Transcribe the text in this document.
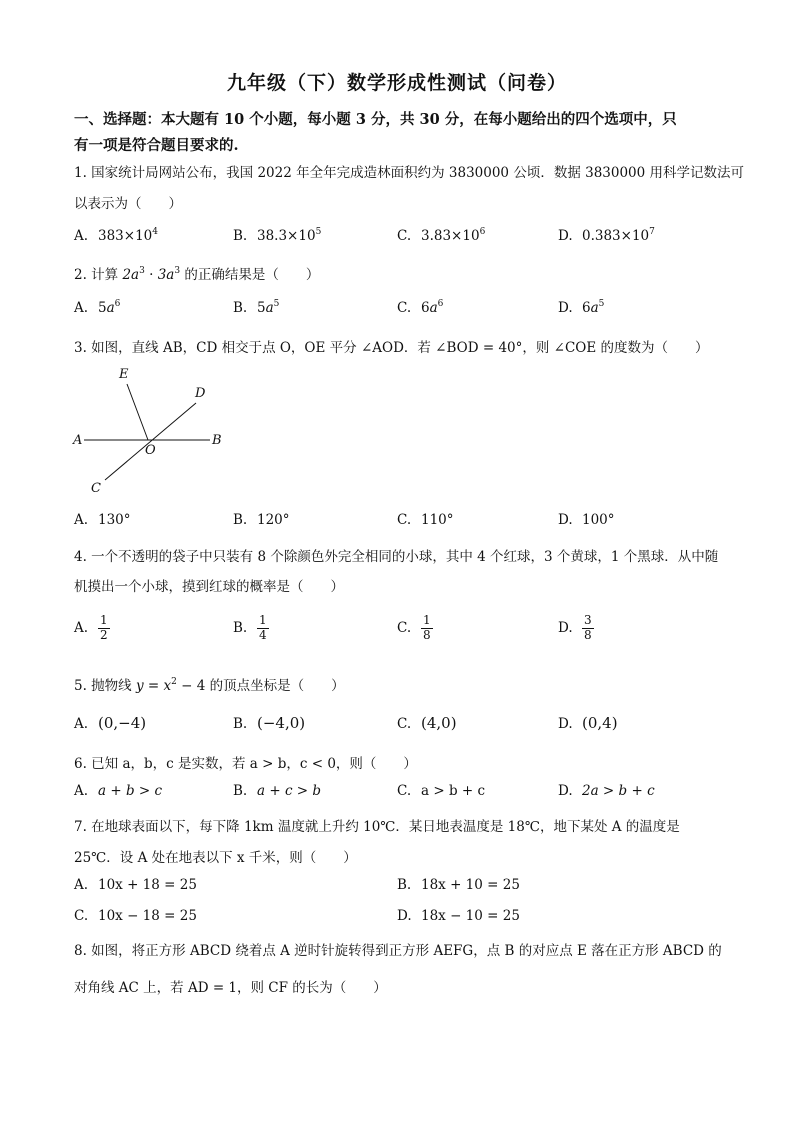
九年级（下）数学形成性测试（问卷）
一、选择题：本大题有 10 个小题，每小题 3 分，共 30 分，在每小题给出的四个选项中，只
有一项是符合题目要求的.
1. 国家统计局网站公布，我国 2022 年全年完成造林面积约为 3830000 公顷．数据 3830000 用科学记数法可
以表示为（　　）
A. $383\times 10^4$	B. $38.3\times 10^5$	C. $3.83\times 10^6$	D. $0.383\times 10^7$
2. 计算 $2a^3 \cdot 3a^3$ 的正确结果是（　　）
A. $5a^6$	B. $5a^5$	C. $6a^6$	D. $6a^5$
3. 如图，直线 AB，CD 相交于点 O，OE 平分 ∠AOD．若 ∠BOD = 40°，则 ∠COE 的度数为（　　）
E
D
A
O
B
C
A. 130°	B. 120°	C. 110°	D. 100°
4. 一个不透明的袋子中只装有 8 个除颜色外完全相同的小球，其中 4 个红球，3 个黄球，1 个黑球．从中随
机摸出一个小球，摸到红球的概率是（　　）
A. $\frac{1}{2}$	B. $\frac{1}{4}$	C. $\frac{1}{8}$	D. $\frac{3}{8}$
5. 抛物线 $y = x^2 - 4$ 的顶点坐标是（　　）
A. (0,−4)	B. (−4,0)	C. (4,0)	D. (0,4)
6. 已知 a，b，c 是实数，若 a > b，c < 0，则（　　）
A. a + b > c	B. a + c > b	C. a > b + c	D. 2a > b + c
7. 在地球表面以下，每下降 1km 温度就上升约 10℃．某日地表温度是 18℃，地下某处 A 的温度是
25℃．设 A 处在地表以下 x 千米，则（　　）
A. 10x + 18 = 25	B. 18x + 10 = 25
C. 10x − 18 = 25	D. 18x − 10 = 25
8. 如图，将正方形 ABCD 绕着点 A 逆时针旋转得到正方形 AEFG，点 B 的对应点 E 落在正方形 ABCD 的
对角线 AC 上，若 AD = 1，则 CF 的长为（　　）
